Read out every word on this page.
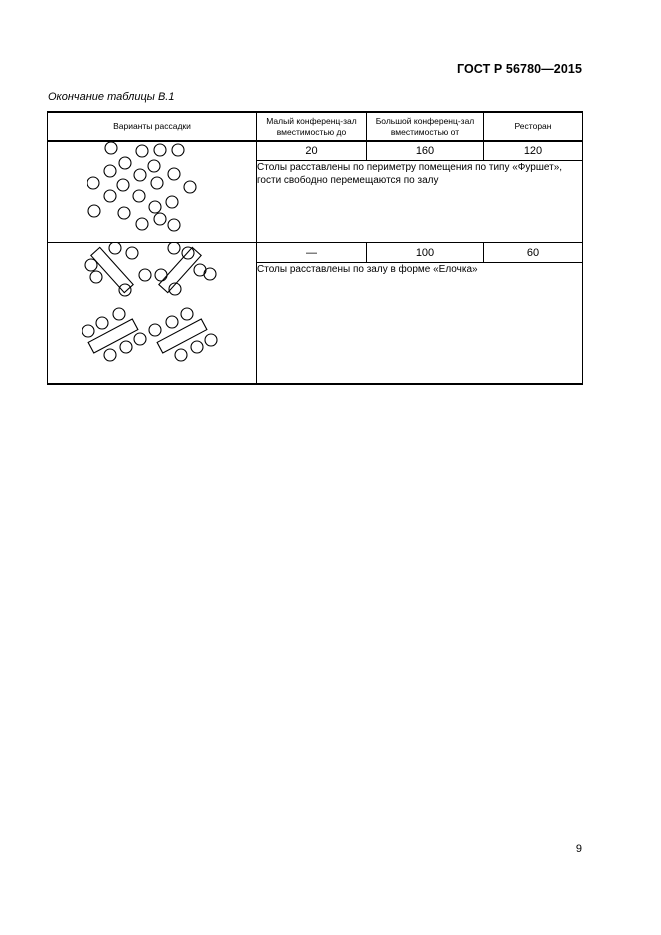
ГОСТ Р 56780—2015
Окончание таблицы В.1
Варианты рассадки	Малый конференц-зал вместимостью до	Большой конференц-зал вместимостью от	Ресторан

	20	160	120
	Столы расставлены по периметру помещения по типу «Фуршет», гости свободно перемещаются по залу		

	—	100	60
	Столы расставлены по залу в форме «Елочка»		
9
